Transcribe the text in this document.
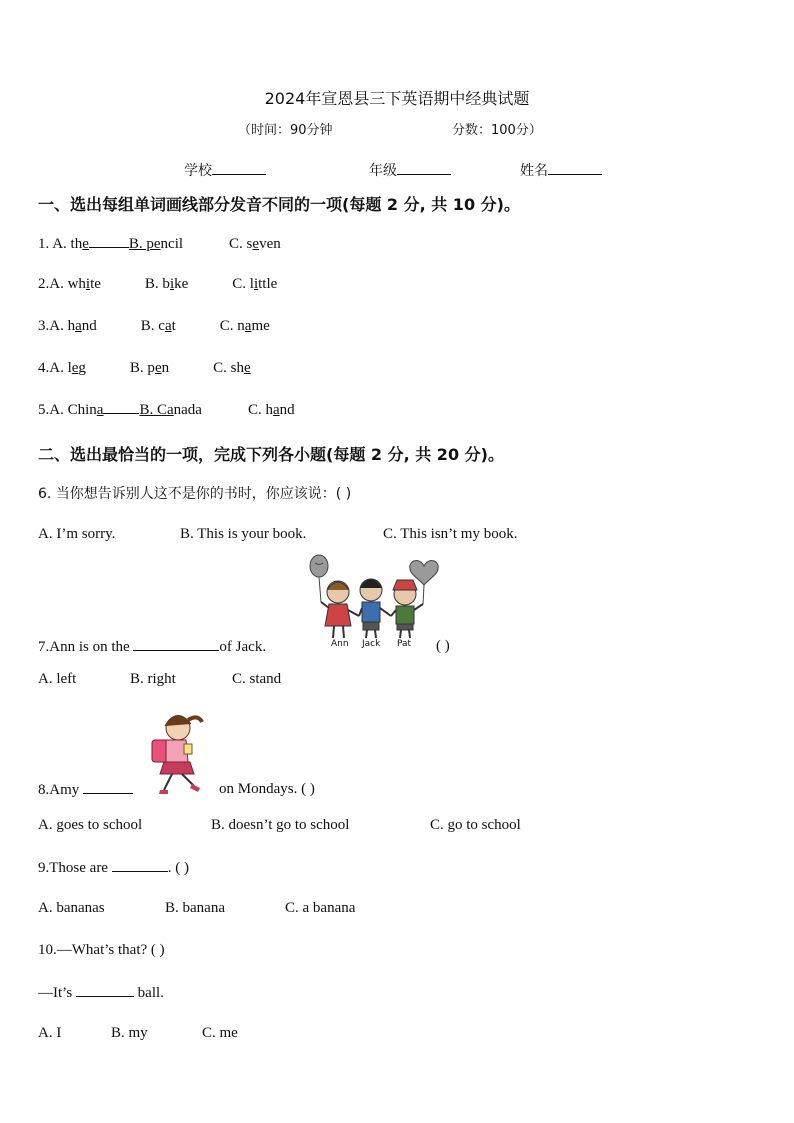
2024年宣恩县三下英语期中经典试题
（时间：90分钟	分数：100分）
学校	年级	姓名
一、选出每组单词画线部分发音不同的一项(每题 2 分, 共 10 分)。
1. A. the	B. pencil	C. seven
2.A. white	B. bike	C. little
3.A. hand	B. cat	C. name
4.A. leg	B. pen	C. she
5.A. China B. Canada	C. hand
二、选出最恰当的一项，完成下列各小题(每题 2 分, 共 20 分)。
6. 当你想告诉别人这不是你的书时，你应该说：( )
A. I’m sorry.	B. This is your book.	C. This isn’t my book.
Ann Jack Pat
7.Ann is on the	of Jack.	( )
A. left	B. right	C. stand
8.Amy	on Mondays. ( )
A. goes to school	B. doesn’t go to school	C. go to school
9.Those are	. ( )
A. bananas	B. banana	C. a banana
10.—What’s that? ( )
—It’s	ball.
A. I	B. my	C. me
